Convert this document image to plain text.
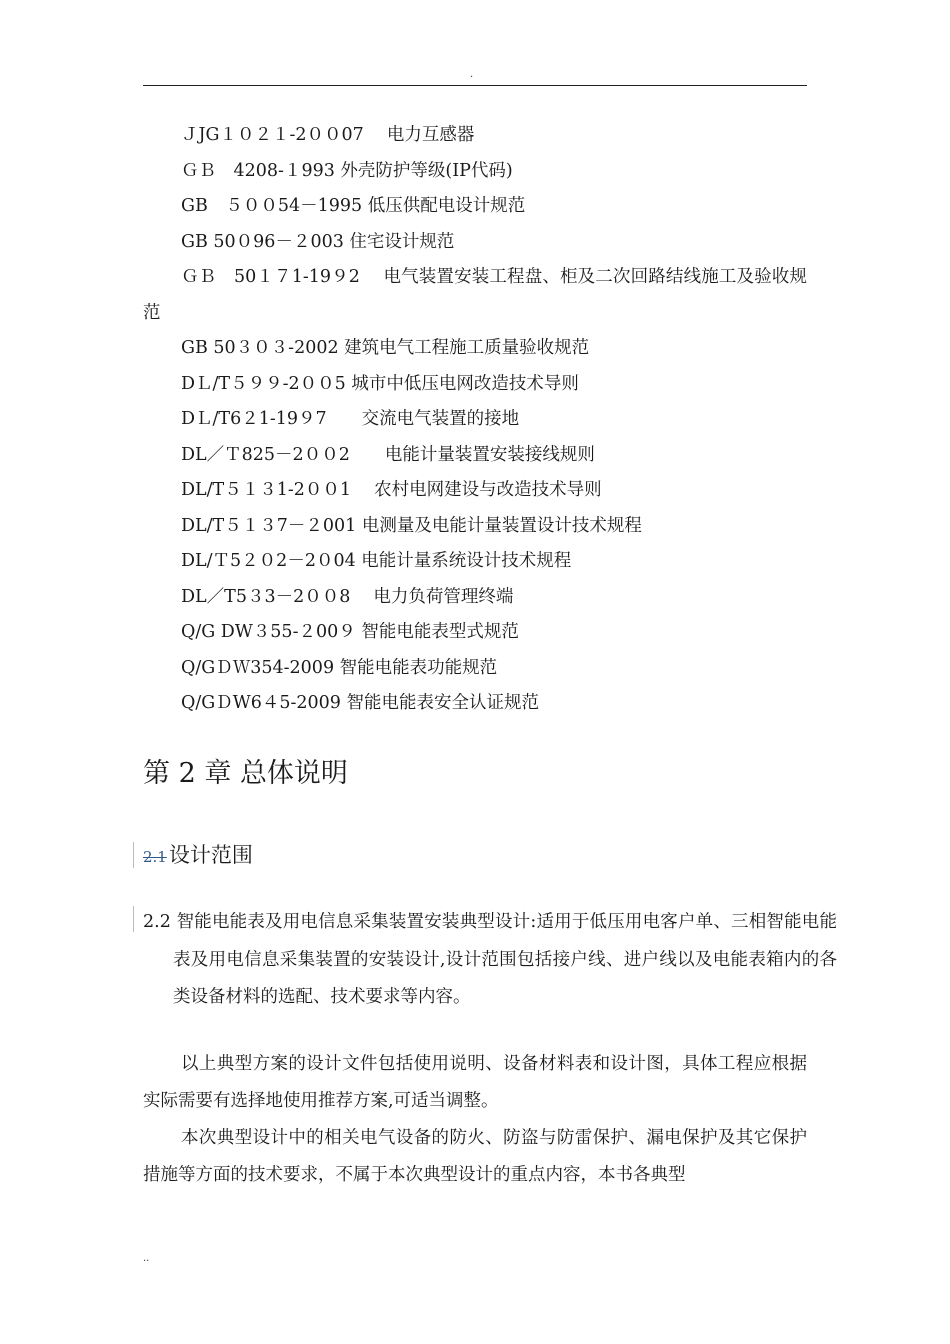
.
ＪJG１０２１-2００07　 电力互感器
ＧＢ　4208-１993 外壳防护等级(IP代码)
GB　５００54－1995 低压供配电设计规范
GB 50０96－２003 住宅设计规范
ＧＢ　50１７1-19９2　 电气装置安装工程盘、柜及二次回路结线施工及验收规范
GB 50３０３-2002 建筑电气工程施工质量验收规范
DＬ/T５９９-2００5 城市中低压电网改造技术导则
DＬ/T6２1-19９7　　交流电气装置的接地
DL／Ｔ825－2００2　　电能计量装置安装接线规则
DL/T５１３1-2００1　 农村电网建设与改造技术导则
DL/T５１３7－２001 电测量及电能计量装置设计技术规程
DL/Ｔ5２０2－2０04 电能计量系统设计技术规程
DL／T5３3－2００8　 电力负荷管理终端
Q/G DW３55-２00９ 智能电能表型式规范
Q/GＤＷ354-2009 智能电能表功能规范
Q/GＤW6４5-2009 智能电能表安全认证规范
第 2 章 总体说明
2.1设计范围

2.2 智能电能表及用电信息采集装置安装典型设计:适用于低压用电客户单、三相智能电能表及用电信息采集装置的安装设计,设计范围包括接户线、进户线以及电能表箱内的各类设备材料的选配、技术要求等内容。

以上典型方案的设计文件包括使用说明、设备材料表和设计图，具体工程应根据实际需要有选择地使用推荐方案,可适当调整。

本次典型设计中的相关电气设备的防火、防盗与防雷保护、漏电保护及其它保护措施等方面的技术要求，不属于本次典型设计的重点内容，本书各典型

..
